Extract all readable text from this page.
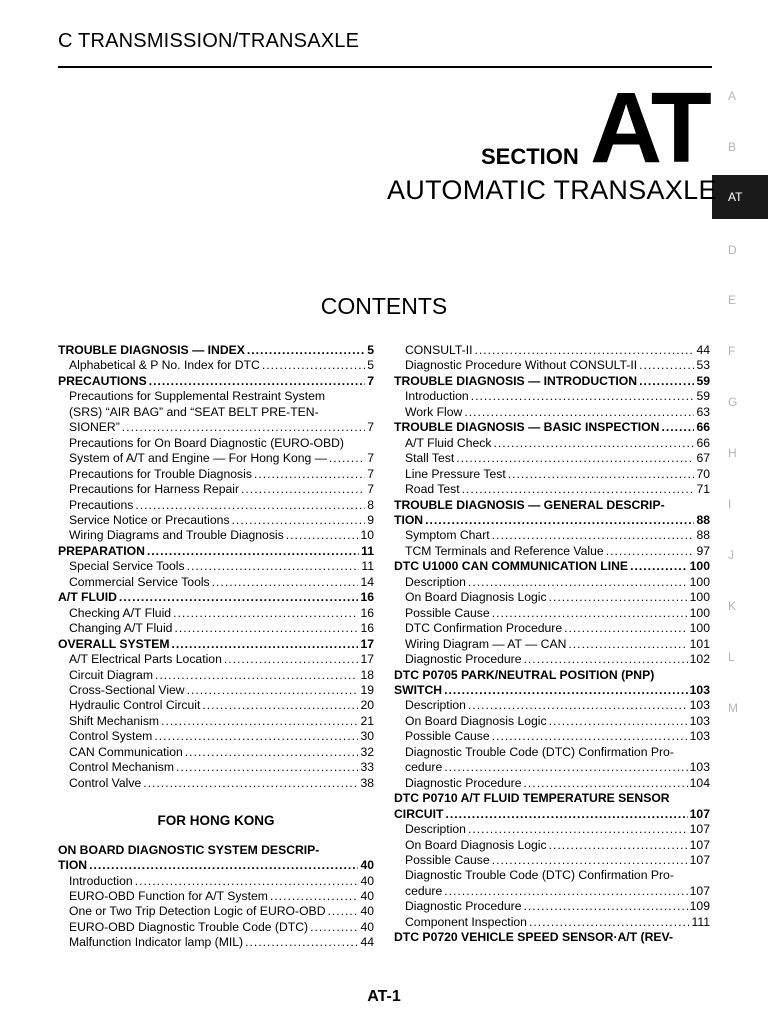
C TRANSMISSION/TRANSAXLE
A
B
AT
D
E
F
G
H
I
J
K
L
M
SECTION AT
AUTOMATIC TRANSAXLE
CONTENTS
TROUBLE DIAGNOSIS — INDEX .....	5
Alphabetical & P No. Index for DTC .....	5
PRECAUTIONS .....	7
Precautions for Supplemental Restraint System
(SRS) “AIR BAG” and “SEAT BELT PRE-TEN-
SIONER” .....	7
Precautions for On Board Diagnostic (EURO-OBD)
System of A/T and Engine — For Hong Kong — .....	7
Precautions for Trouble Diagnosis .....	7
Precautions for Harness Repair .....	7
Precautions .....	8
Service Notice or Precautions .....	9
Wiring Diagrams and Trouble Diagnosis .....	10
PREPARATION .....	11
Special Service Tools .....	11
Commercial Service Tools .....	14
A/T FLUID .....	16
Checking A/T Fluid .....	16
Changing A/T Fluid .....	16
OVERALL SYSTEM .....	17
A/T Electrical Parts Location .....	17
Circuit Diagram .....	18
Cross-Sectional View .....	19
Hydraulic Control Circuit .....	20
Shift Mechanism .....	21
Control System .....	30
CAN Communication .....	32
Control Mechanism .....	33
Control Valve .....	38
FOR HONG KONG
ON BOARD DIAGNOSTIC SYSTEM DESCRIP-
TION .....	40
Introduction .....	40
EURO-OBD Function for A/T System .....	40
One or Two Trip Detection Logic of EURO-OBD .....	40
EURO-OBD Diagnostic Trouble Code (DTC) .....	40
Malfunction Indicator lamp (MIL) .....	44
CONSULT-II .....	44
Diagnostic Procedure Without CONSULT-II .....	53
TROUBLE DIAGNOSIS — INTRODUCTION .....	59
Introduction .....	59
Work Flow .....	63
TROUBLE DIAGNOSIS — BASIC INSPECTION .....	66
A/T Fluid Check .....	66
Stall Test .....	67
Line Pressure Test .....	70
Road Test .....	71
TROUBLE DIAGNOSIS — GENERAL DESCRIP-
TION .....	88
Symptom Chart .....	88
TCM Terminals and Reference Value .....	97
DTC U1000 CAN COMMUNICATION LINE .....	100
Description .....	100
On Board Diagnosis Logic .....	100
Possible Cause .....	100
DTC Confirmation Procedure .....	100
Wiring Diagram — AT — CAN .....	101
Diagnostic Procedure .....	102
DTC P0705 PARK/NEUTRAL POSITION (PNP)
SWITCH .....	103
Description .....	103
On Board Diagnosis Logic .....	103
Possible Cause .....	103
Diagnostic Trouble Code (DTC) Confirmation Pro-
cedure .....	103
Diagnostic Procedure .....	104
DTC P0710 A/T FLUID TEMPERATURE SENSOR
CIRCUIT .....	107
Description .....	107
On Board Diagnosis Logic .....	107
Possible Cause .....	107
Diagnostic Trouble Code (DTC) Confirmation Pro-
cedure .....	107
Diagnostic Procedure .....	109
Component Inspection .....	111
DTC P0720 VEHICLE SPEED SENSOR·A/T (REV-
AT-1
